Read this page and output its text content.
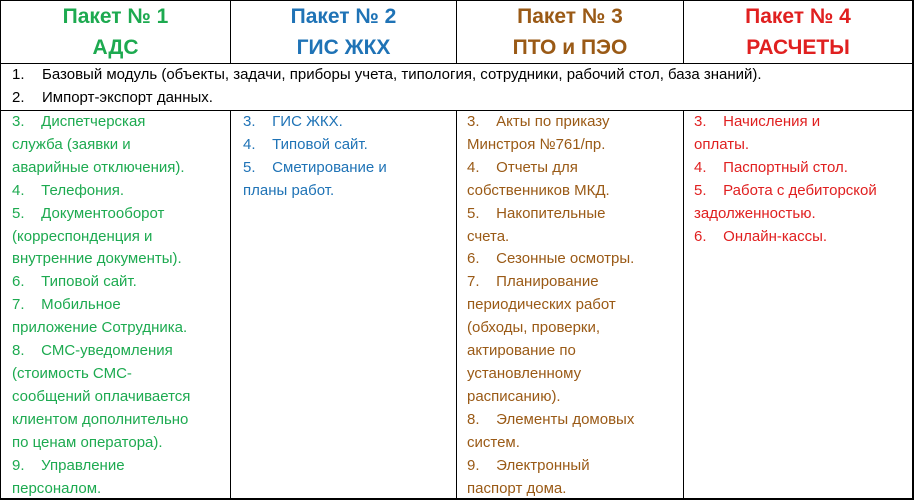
Пакет № 1
АДС
Пакет № 2
ГИС ЖКХ
Пакет № 3
ПТО и ПЭО
Пакет № 4
РАСЧЕТЫ
1. Базовый модуль (объекты, задачи, приборы учета, типология, сотрудники, рабочий стол, база знаний).
2. Импорт-экспорт данных.
3.    Диспетчерская
служба (заявки и
аварийные отключения).
4.    Телефония.
5.    Документооборот
(корреспонденция и
внутренние документы).
6.    Типовой сайт.
7.    Мобильное
приложение Сотрудника.
8.    СМС-уведомления
(стоимость СМС-
сообщений оплачивается
клиентом дополнительно
по ценам оператора).
9.    Управление
персоналом.
3.    ГИС ЖКХ.
4.    Типовой сайт.
5.    Сметирование и
планы работ.
3.    Акты по приказу
Минстроя №761/пр.
4.    Отчеты для
собственников МКД.
5.    Накопительные
счета.
6.    Сезонные осмотры.
7.    Планирование
периодических работ
(обходы, проверки,
актирование по
установленному
расписанию).
8.    Элементы домовых
систем.
9.    Электронный
паспорт дома.
3.    Начисления и
оплаты.
4.    Паспортный стол.
5.    Работа с дебиторской
задолженностью.
6.    Онлайн-кассы.
